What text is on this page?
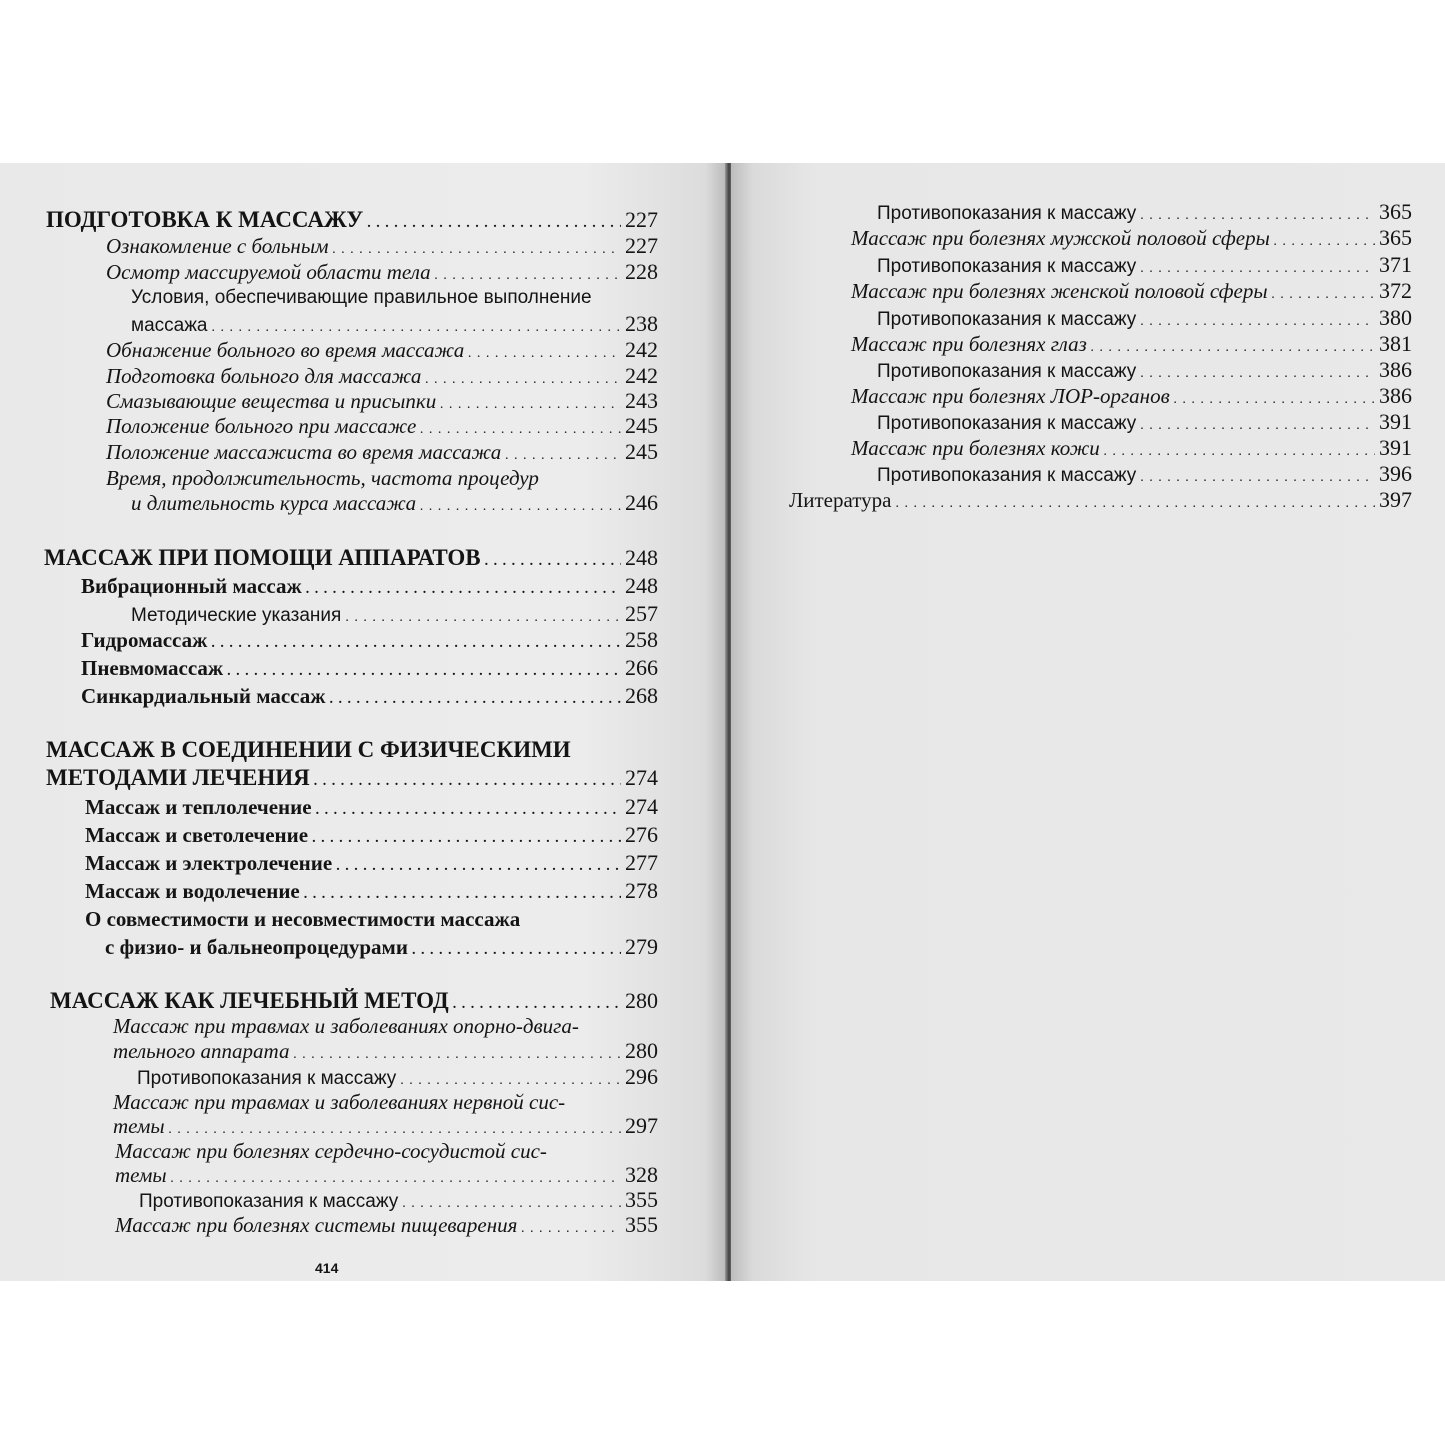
ПОДГОТОВКА К МАССАЖУ . . .	227
Ознакомление с больным . . .	227
Осмотр массируемой области тела . . .	228
Условия, обеспечивающие правильное выполнение
массажа . . .	238
Обнажение больного во время массажа . . .	242
Подготовка больного для массажа . . .	242
Смазывающие вещества и присыпки . . .	243
Положение больного при массаже . . .	245
Положение массажиста во время массажа . . .	245
Время, продолжительность, частота процедур
и длительность курса массажа . . .	246
МАССАЖ ПРИ ПОМОЩИ АППАРАТОВ . . .	248
Вибрационный массаж . . .	248
Методические указания . . .	257
Гидромассаж . . .	258
Пневмомассаж . . .	266
Синкардиальный массаж . . .	268
МАССАЖ В СОЕДИНЕНИИ С ФИЗИЧЕСКИМИ
МЕТОДАМИ ЛЕЧЕНИЯ . . .	274
Массаж и теплолечение . . .	274
Массаж и светолечение . . .	276
Массаж и электролечение . . .	277
Массаж и водолечение . . .	278
О совместимости и несовместимости массажа
с физио- и бальнеопроцедурами . . .	279
МАССАЖ КАК ЛЕЧЕБНЫЙ МЕТОД . . .	280
Массаж при травмах и заболеваниях опорно-двига-
тельного аппарата . . .	280
Противопоказания к массажу . . .	296
Массаж при травмах и заболеваниях нервной сис-
темы . . .	297
Массаж при болезнях сердечно-сосудистой сис-
темы . . .	328
Противопоказания к массажу . . .	355
Массаж при болезнях системы пищеварения . . .	355
414
Противопоказания к массажу . . .	365
Массаж при болезнях мужской половой сферы . . .	365
Противопоказания к массажу . . .	371
Массаж при болезнях женской половой сферы . . .	372
Противопоказания к массажу . . .	380
Массаж при болезнях глаз . . .	381
Противопоказания к массажу . . .	386
Массаж при болезнях ЛОР-органов . . .	386
Противопоказания к массажу . . .	391
Массаж при болезнях кожи . . .	391
Противопоказания к массажу . . .	396
Литература . . .	397
